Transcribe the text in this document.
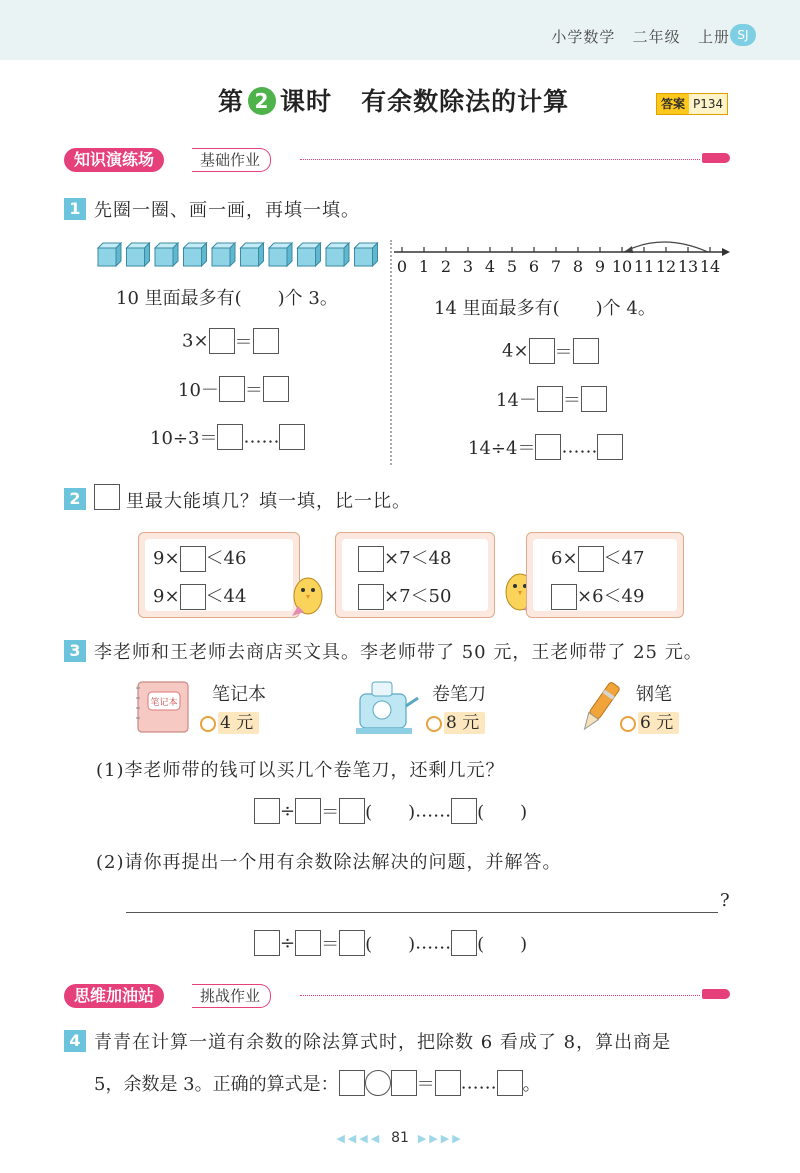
小学数学 二年级 上册 SJ
第 2 课时 有余数除法的计算	答案 P134
知识演练场	基础作业
1 先圈一圈、画一画，再填一填。
0 1 2 3 4 5 6 7 8 9 10 11 12 13 14
10 里面最多有(　　)个 3。
3× ＝
10－ ＝
10÷3＝ ……
14 里面最多有(　　)个 4。
4× ＝
14－ ＝
14÷4＝ ……
2	里最大能填几？填一填，比一比。
9× ＜46
9× ＜44
×7＜48
×7＜50
6× ＜47
×6＜49
3 李老师和王老师去商店买文具。李老师带了 50 元，王老师带了 25 元。
笔记本 笔记本
4 元
卷笔刀
8 元
钢笔
6 元
(1)李老师带的钱可以买几个卷笔刀，还剩几元？
÷ ＝ (　　)…… (　　)
(2)请你再提出一个用有余数除法解决的问题，并解答。
?
÷ ＝ (　　)…… (　　)
思维加油站	挑战作业
4 青青在计算一道有余数的除法算式时，把除数 6 看成了 8，算出商是
5，余数是 3。正确的算式是：	＝ …… 。
◀◀◀◀ 81 ▶▶▶▶
